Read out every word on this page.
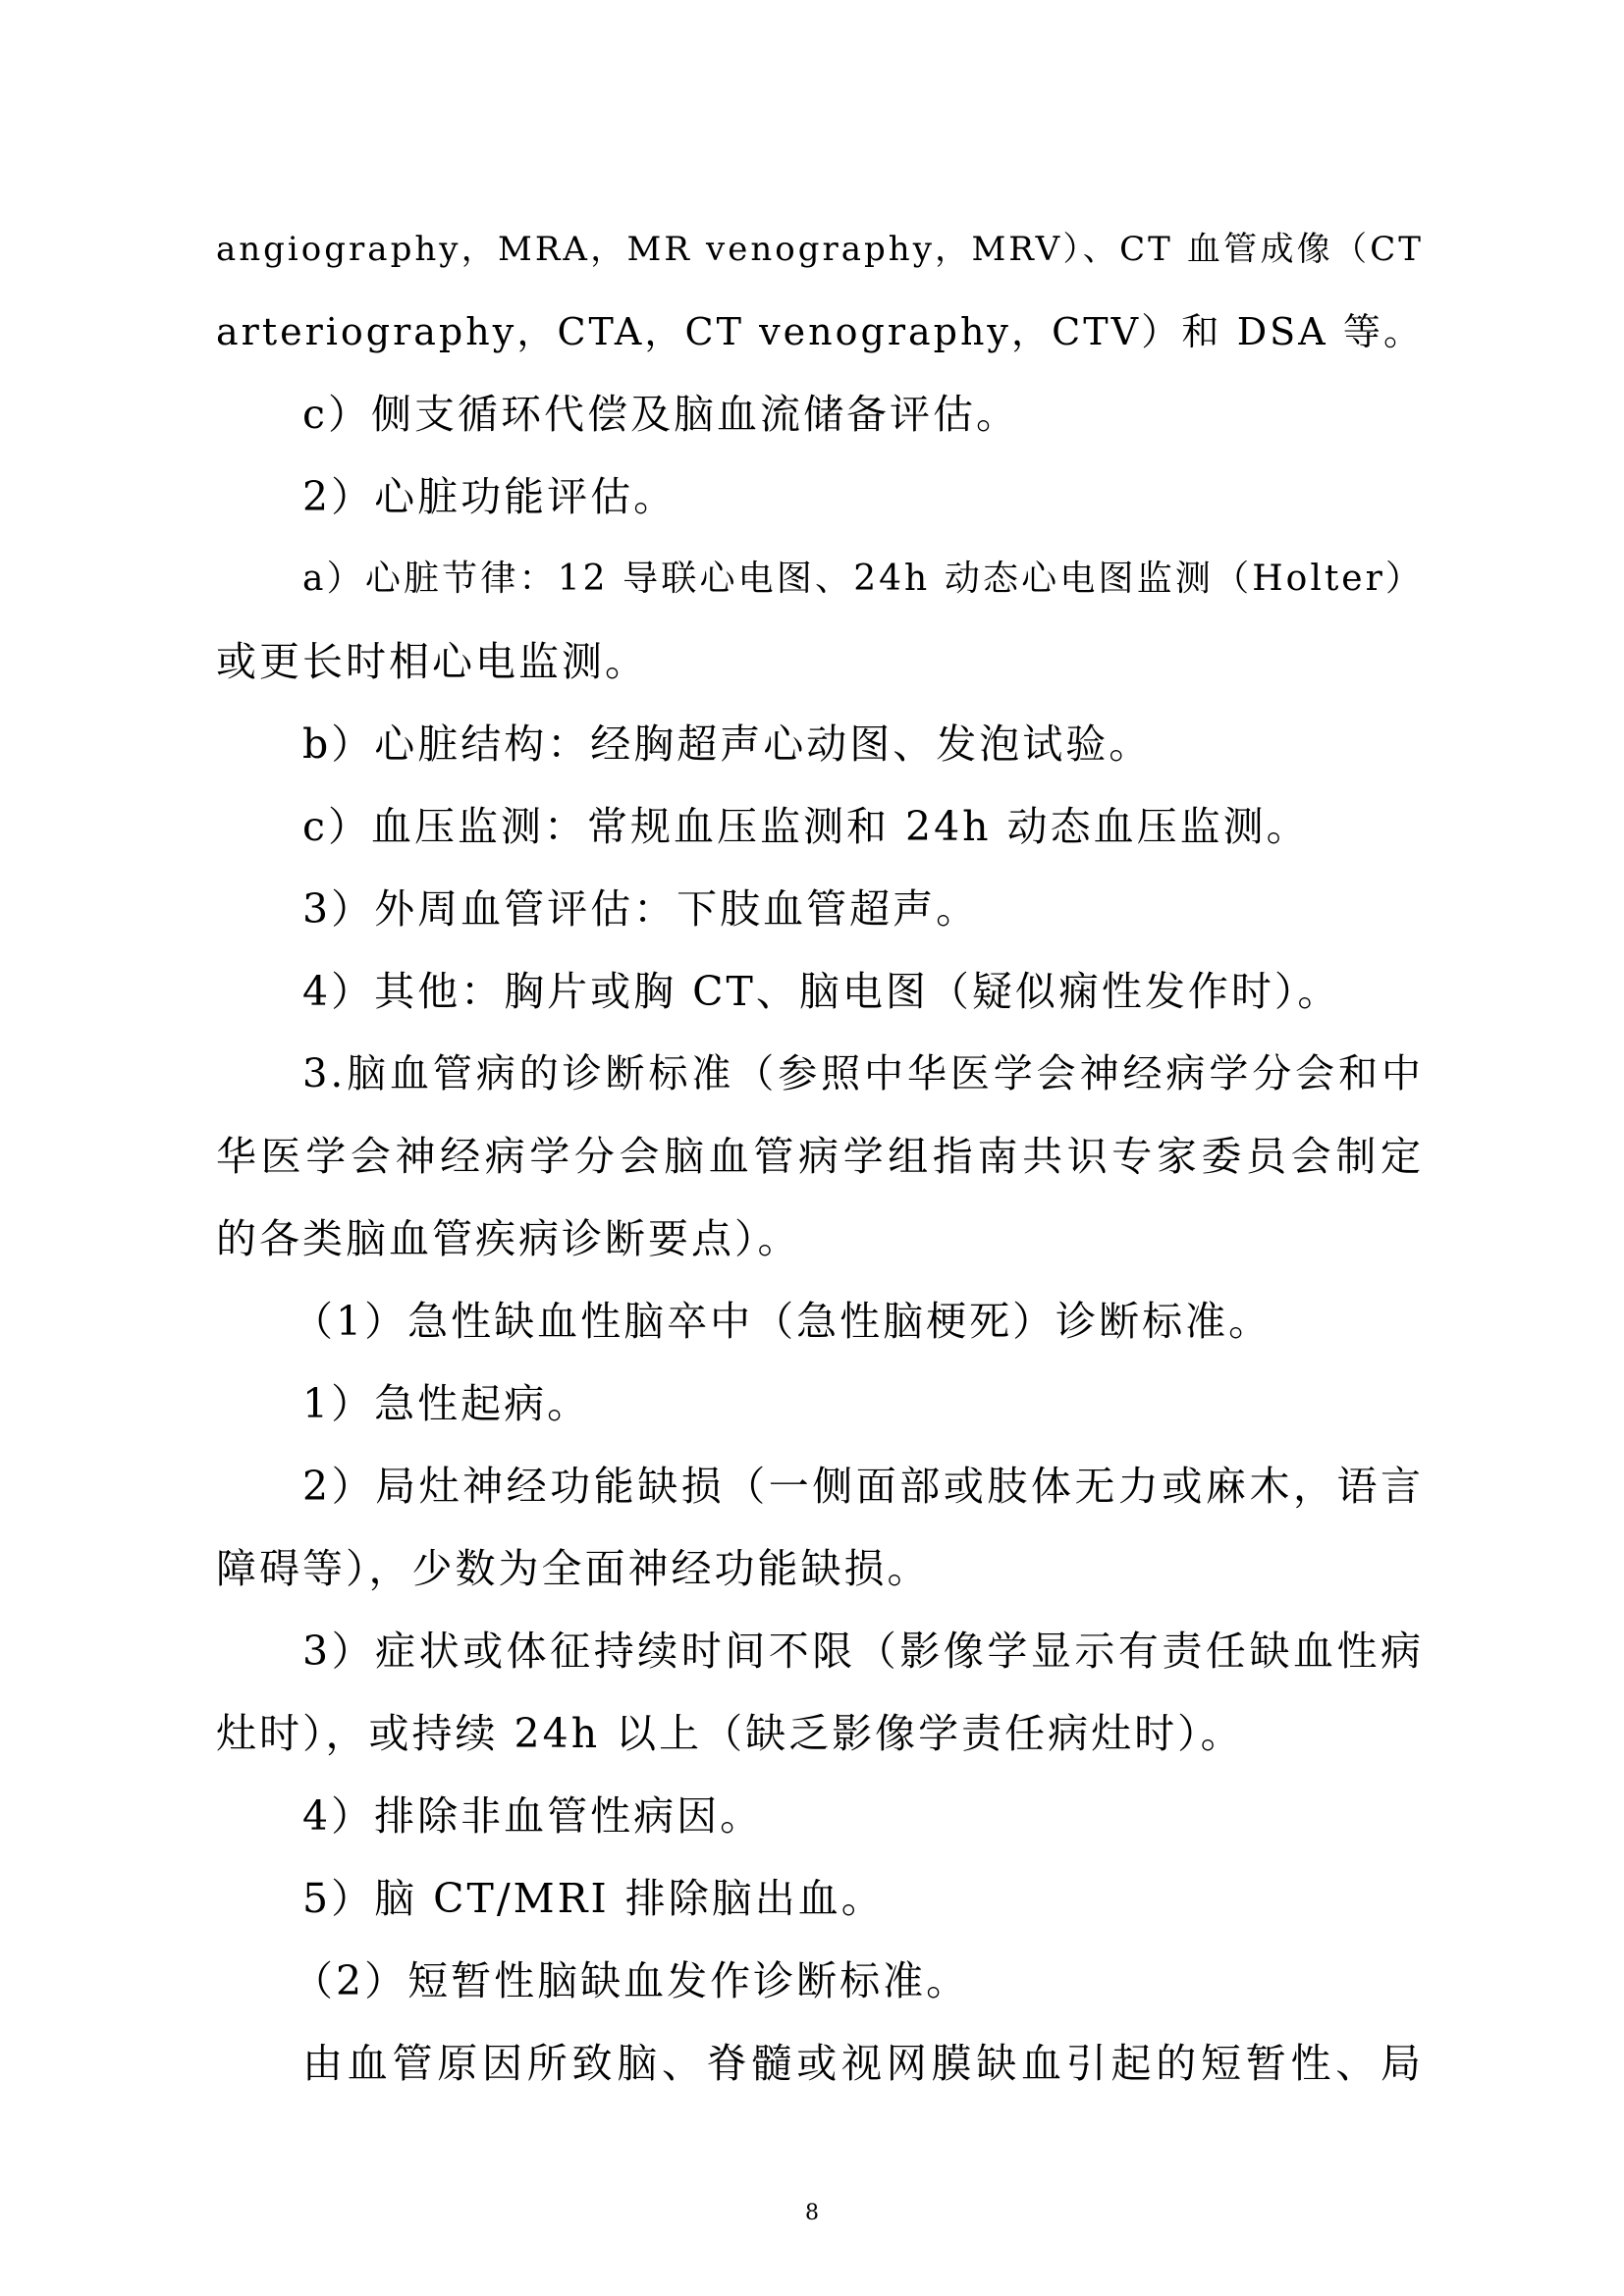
angiography，MRA，MR venography，MRV）、CT 血管成像（CT
arteriography，CTA，CT venography，CTV）和 DSA 等。
c）侧支循环代偿及脑血流储备评估。
2）心脏功能评估。
a）心脏节律：12 导联心电图、24h 动态心电图监测（Holter）
或更长时相心电监测。
b）心脏结构：经胸超声心动图、发泡试验。
c）血压监测：常规血压监测和 24h 动态血压监测。
3）外周血管评估：下肢血管超声。
4）其他：胸片或胸 CT、脑电图（疑似痫性发作时）。
3.脑血管病的诊断标准（参照中华医学会神经病学分会和中
华医学会神经病学分会脑血管病学组指南共识专家委员会制定
的各类脑血管疾病诊断要点）。
（1）急性缺血性脑卒中（急性脑梗死）诊断标准。
1）急性起病。
2）局灶神经功能缺损（一侧面部或肢体无力或麻木，语言
障碍等），少数为全面神经功能缺损。
3）症状或体征持续时间不限（影像学显示有责任缺血性病
灶时），或持续 24h 以上（缺乏影像学责任病灶时）。
4）排除非血管性病因。
5）脑 CT/MRI 排除脑出血。
（2）短暂性脑缺血发作诊断标准。
由血管原因所致脑、脊髓或视网膜缺血引起的短暂性、局
8
